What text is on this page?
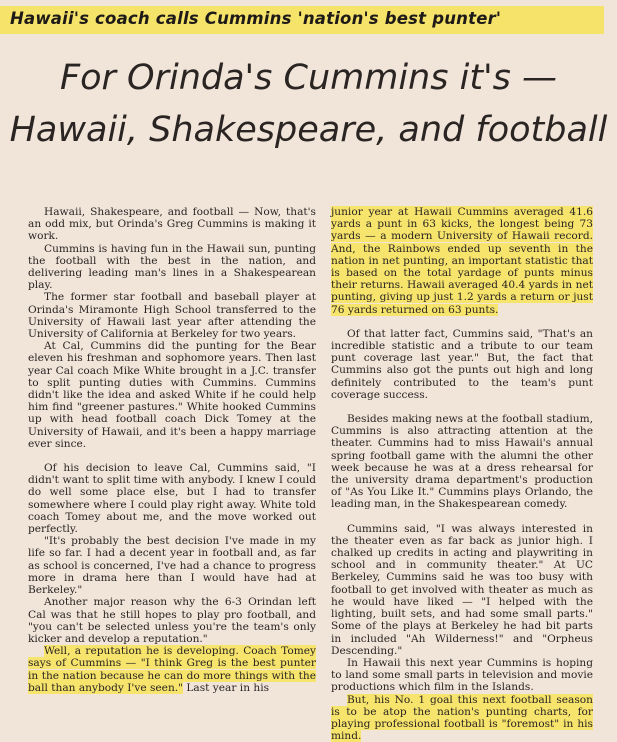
Hawaii's coach calls Cummins 'nation's best punter'
For Orinda's Cummins it's —
Hawaii, Shakespeare, and football

Hawaii, Shakespeare, and football — Now, that's an odd mix, but Orinda's Greg Cummins is making it work.

Cummins is having fun in the Hawaii sun, punting the football with the best in the nation, and delivering leading man's lines in a Shakespearean play.

The former star football and baseball player at Orinda's Miramonte High School transferred to the University of Hawaii last year after attending the University of California at Berkeley for two years.

At Cal, Cummins did the punting for the Bear eleven his freshman and sophomore years. Then last year Cal coach Mike White brought in a J.C. transfer to split punting duties with Cummins. Cummins didn't like the idea and asked White if he could help him find "greener pastures." White hooked Cummins up with head football coach Dick Tomey at the University of Hawaii, and it's been a happy marriage ever since.

Of his decision to leave Cal, Cummins said, "I didn't want to split time with anybody. I knew I could do well some place else, but I had to transfer somewhere where I could play right away. White told coach Tomey about me, and the move worked out perfectly.

"It's probably the best decision I've made in my life so far. I had a decent year in football and, as far as school is concerned, I've had a chance to progress more in drama here than I would have had at Berkeley."

Another major reason why the 6-3 Orindan left Cal was that he still hopes to play pro football, and "you can't be selected unless you're the team's only kicker and develop a reputation."

Well, a reputation he is developing. Coach Tomey says of Cummins — "I think Greg is the best punter in the nation because he can do more things with the ball than anybody I've seen." Last year in his

junior year at Hawaii Cummins averaged 41.6 yards a punt in 63 kicks, the longest being 73 yards — a modern University of Hawaii record. And, the Rainbows ended up seventh in the nation in net punting, an important statistic that is based on the total yardage of punts minus their returns. Hawaii averaged 40.4 yards in net punting, giving up just 1.2 yards a return or just 76 yards returned on 63 punts.

Of that latter fact, Cummins said, "That's an incredible statistic and a tribute to our team punt coverage last year." But, the fact that Cummins also got the punts out high and long definitely contributed to the team's punt coverage success.

Besides making news at the football stadium, Cummins is also attracting attention at the theater. Cummins had to miss Hawaii's annual spring football game with the alumni the other week because he was at a dress rehearsal for the university drama department's production of "As You Like It." Cummins plays Orlando, the leading man, in the Shakespearean comedy.

Cummins said, "I was always interested in the theater even as far back as junior high. I chalked up credits in acting and playwriting in school and in community theater." At UC Berkeley, Cummins said he was too busy with football to get involved with theater as much as he would have liked — "I helped with the lighting, built sets, and had some small parts." Some of the plays at Berkeley he had bit parts in included "Ah Wilderness!" and "Orpheus Descending."

In Hawaii this next year Cummins is hoping to land some small parts in television and movie productions which film in the Islands.

But, his No. 1 goal this next football season is to be atop the nation's punting charts, for playing professional football is "foremost" in his mind.
